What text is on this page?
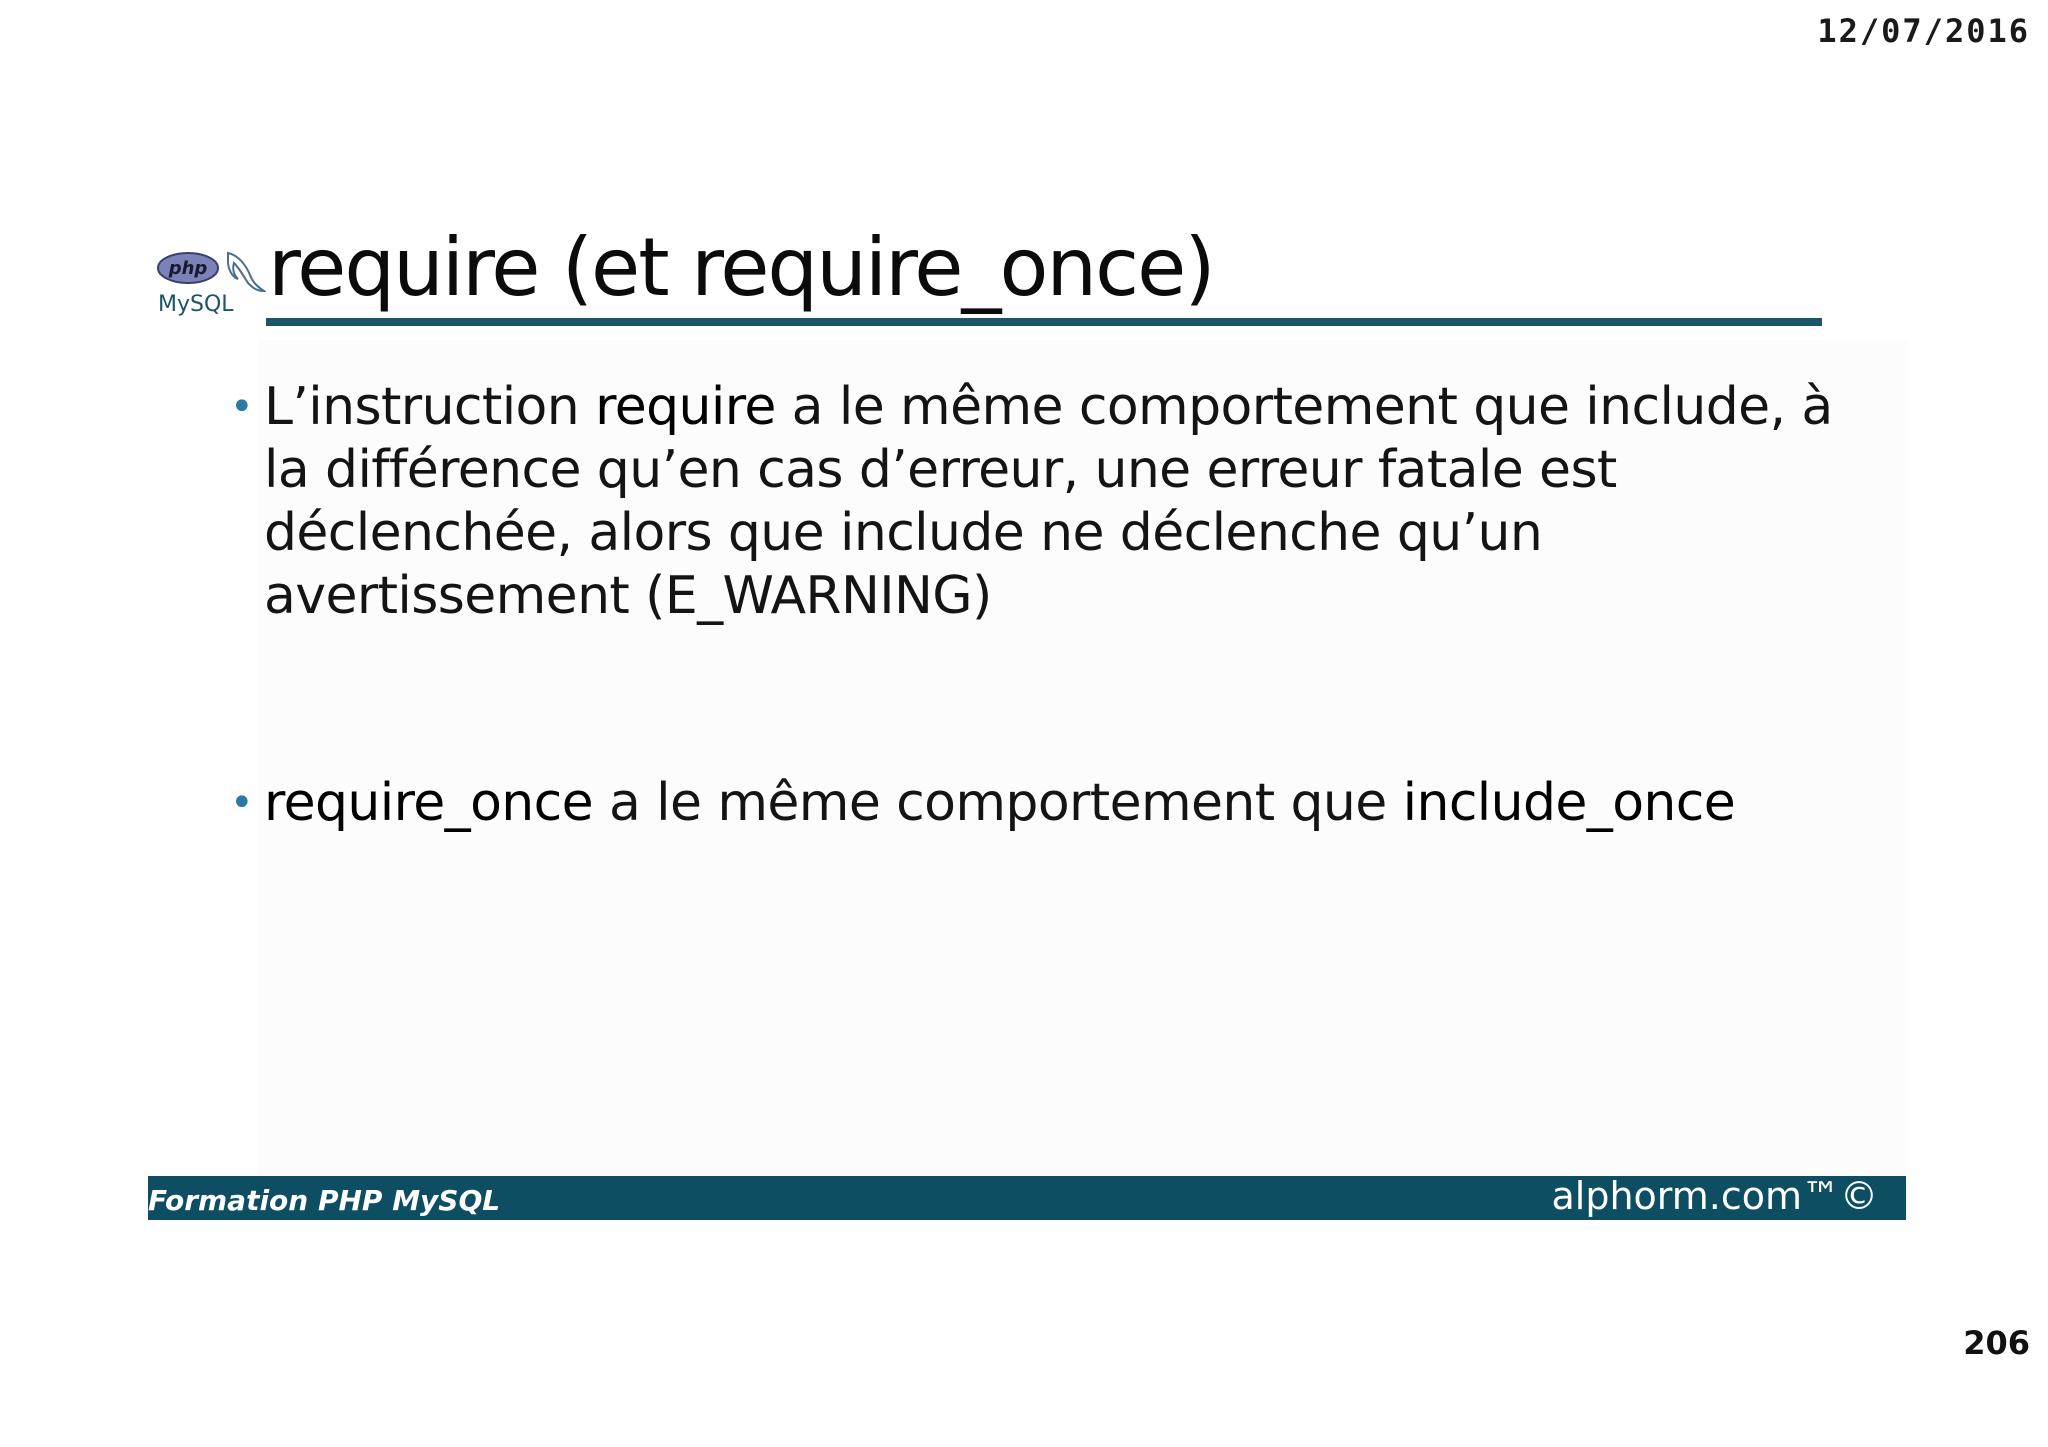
12/07/2016
php
MySQL require (et require_once)
• L’instruction require a le même comportement que include, à la différence qu’en cas d’erreur, une erreur fatale est déclenchée, alors que include ne déclenche qu’un avertissement (E_WARNING)
• require_once a le même comportement que include_once
Formation PHP MySQL	alphorm.com™©
206
